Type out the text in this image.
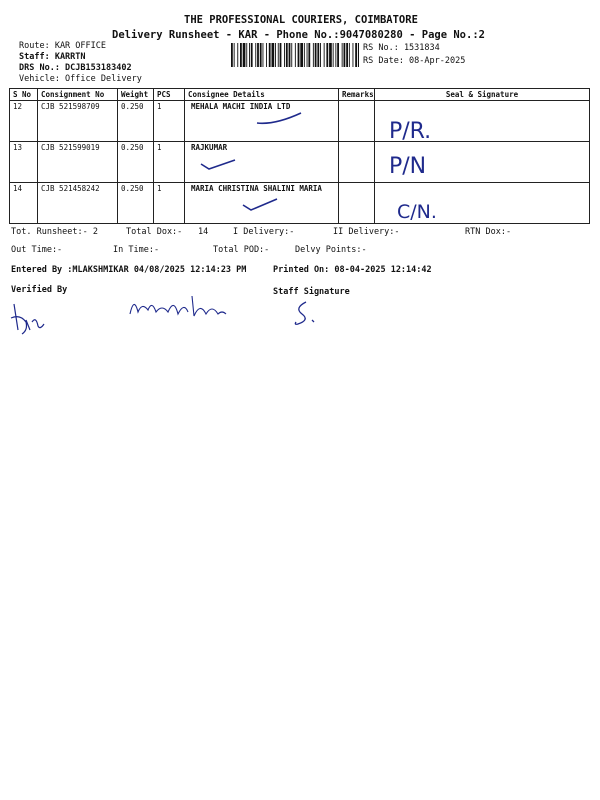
THE PROFESSIONAL COURIERS, COIMBATORE
Delivery Runsheet - KAR - Phone No.:9047080280 - Page No.:2
Route: KAR OFFICE
Staff: KARRTN
DRS No.: DCJB153183402
Vehicle: Office Delivery
RS No.: 1531834
RS Date: 08-Apr-2025
S No	Consignment No	Weight	PCS	Consignee Details	Remarks	Seal & Signature
12	CJB 521598709	0.250	1	MEHALA MACHI INDIA LTD		P/R.

13	CJB 521599019	0.250	1	RAJKUMAR		P/N

14	CJB 521458242	0.250	1	MARIA CHRISTINA SHALINI MARIA		C/N.
Tot. Runsheet:- 2	Total Dox:- 14	I Delivery:-	II Delivery:-	RTN Dox:-
Out Time:-	In Time:-	Total POD:-	Delvy Points:-
Entered By :MLAKSHMIKAR 04/08/2025 12:14:23 PM	Printed On: 08-04-2025 12:14:42
Verified By	Staff Signature
